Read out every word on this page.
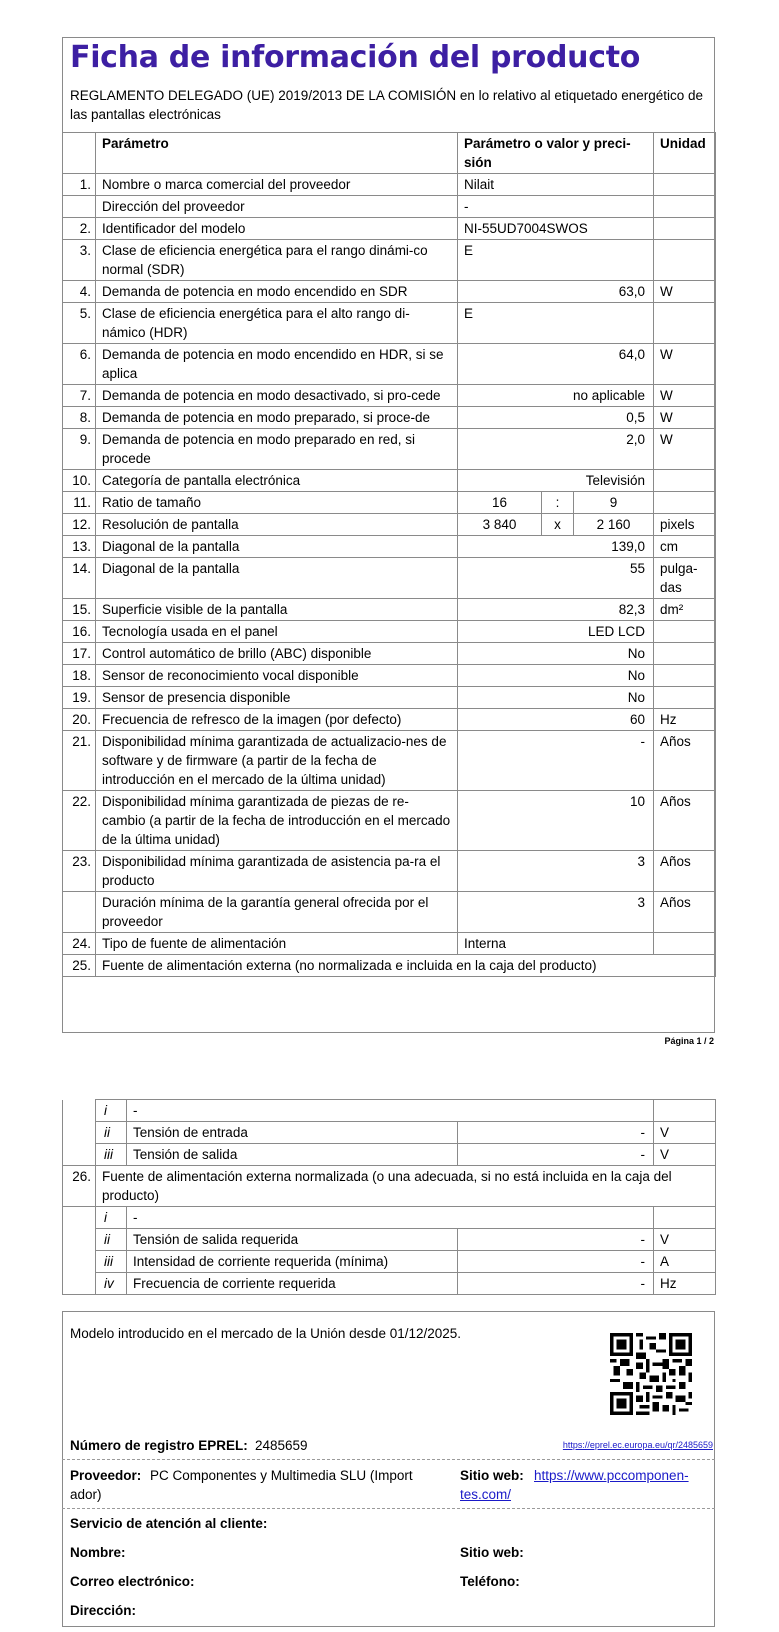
Ficha de información del producto
REGLAMENTO DELEGADO (UE) 2019/2013 DE LA COMISIÓN en lo relativo al etiquetado energético de las pantallas electrónicas
	Parámetro	Parámetro o valor y preci-sión			Unidad
1.	Nombre o marca comercial del proveedor	Nilait			
	Dirección del proveedor	-			
2.	Identificador del modelo	NI-55UD7004SWOS			
3.	Clase de eficiencia energética para el rango dinámi-co normal (SDR)	E			
4.	Demanda de potencia en modo encendido en SDR	63,0			W
5.	Clase de eficiencia energética para el alto rango di-námico (HDR)	E			
6.	Demanda de potencia en modo encendido en HDR, si se aplica	64,0			W
7.	Demanda de potencia en modo desactivado, si pro-cede	no aplicable			W
8.	Demanda de potencia en modo preparado, si proce-de	0,5			W
9.	Demanda de potencia en modo preparado en red, si procede	2,0			W
10.	Categoría de pantalla electrónica	Televisión			
11.	Ratio de tamaño	16	:	9	
12.	Resolución de pantalla	3 840	x	2 160	pixels
13.	Diagonal de la pantalla	139,0			cm
14.	Diagonal de la pantalla	55			pulga-das
15.	Superficie visible de la pantalla	82,3			dm²
16.	Tecnología usada en el panel	LED LCD			
17.	Control automático de brillo (ABC) disponible	No			
18.	Sensor de reconocimiento vocal disponible	No			
19.	Sensor de presencia disponible	No			
20.	Frecuencia de refresco de la imagen (por defecto)	60			Hz
21.	Disponibilidad mínima garantizada de actualizacio-nes de software y de firmware (a partir de la fecha de introducción en el mercado de la última unidad)	-			Años
22.	Disponibilidad mínima garantizada de piezas de re-cambio (a partir de la fecha de introducción en el mercado de la última unidad)	10			Años
23.	Disponibilidad mínima garantizada de asistencia pa-ra el producto	3			Años
	Duración mínima de la garantía general ofrecida por el proveedor	3			Años
24.	Tipo de fuente de alimentación	Interna			
25.	Fuente de alimentación externa (no normalizada e incluida en la caja del producto)				
Página 1 / 2
	i	-		
	ii	Tensión de entrada	-	V
	iii	Tensión de salida	-	V
26.	Fuente de alimentación externa normalizada (o una adecuada, si no está incluida en la caja del producto)			
	i	-		
	ii	Tensión de salida requerida	-	V
	iii	Intensidad de corriente requerida (mínima)	-	A
	iv	Frecuencia de corriente requerida	-	Hz
Modelo introducido en el mercado de la Unión desde 01/12/2025.
Número de registro EPREL: 2485659	https://eprel.ec.europa.eu/qr/2485659
Proveedor: PC Componentes y Multimedia SLU (Import ador)
Sitio web: https://www.pccomponen-tes.com/
Servicio de atención al cliente:
Nombre:	Sitio web:
Correo electrónico:	Teléfono:
Dirección:
